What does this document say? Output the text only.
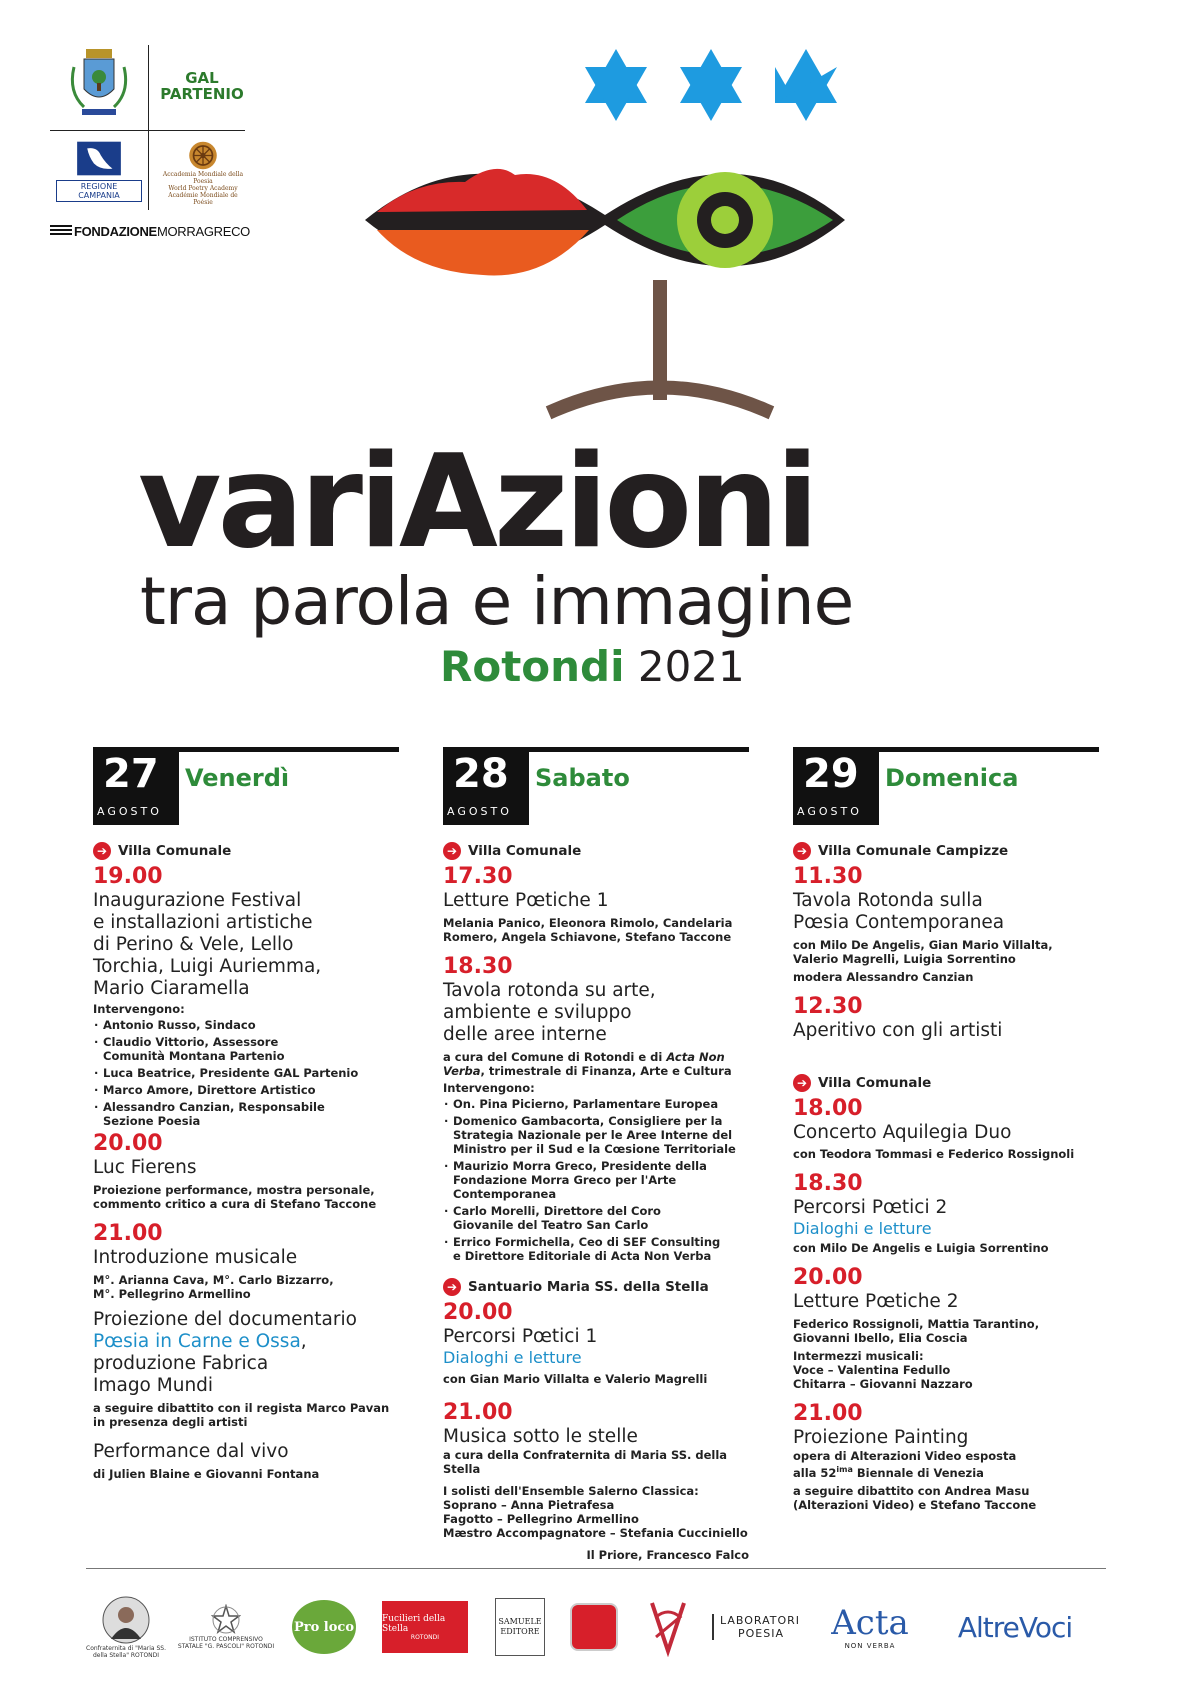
GAL
PARTENIO
REGIONE CAMPANIA
Accademia Mondiale della Poesia
World Poetry Academy
Académie Mondiale de Poésie
FONDAZIONE MORRAGRECO
variAzioni
tra parola e immagine
Rotondi 2021
27
AGOSTO
Venerdì	28
AGOSTO
Sabato	29
AGOSTO
Domenica
➔ Villa Comunale
19.00
Inaugurazione Festival
e installazioni artistiche
di Perino & Vele, Lello
Torchia, Luigi Auriemma,
Mario Ciaramella
Intervengono:
· Antonio Russo, Sindaco
· Claudio Vittorio, Assessore Comunità Montana Partenio
· Luca Beatrice, Presidente GAL Partenio
· Marco Amore, Direttore Artistico
· Alessandro Canzian, Responsabile Sezione Poesia
20.00
Luc Fierens
Proiezione performance, mostra personale,
commento critico a cura di Stefano Taccone
21.00
Introduzione musicale
M°. Arianna Cava, M°. Carlo Bizzarro,
M°. Pellegrino Armellino
Proiezione del documentario
Pœsia in Carne e Ossa,
produzione Fabrica
Imago Mundi
a seguire dibattito con il regista Marco Pavan
in presenza degli artisti
Performance dal vivo
di Julien Blaine e Giovanni Fontana
➔ Villa Comunale
17.30
Letture Pœtiche 1
Melania Panico, Eleonora Rimolo, Candelaria
Romero, Angela Schiavone, Stefano Taccone
18.30
Tavola rotonda su arte,
ambiente e sviluppo
delle aree interne
a cura del Comune di Rotondi e di Acta Non Verba, trimestrale di Finanza, Arte e Cultura
Intervengono:
· On. Pina Picierno, Parlamentare Europea
· Domenico Gambacorta, Consigliere per la Strategia Nazionale per le Aree Interne del Ministro per il Sud e la Cœsione Territoriale
· Maurizio Morra Greco, Presidente della Fondazione Morra Greco per l'Arte Contemporanea
· Carlo Morelli, Direttore del Coro Giovanile del Teatro San Carlo
· Errico Formichella, Ceo di SEF Consulting e Direttore Editoriale di Acta Non Verba
➔ Santuario Maria SS. della Stella
20.00
Percorsi Pœtici 1
Dialoghi e letture
con Gian Mario Villalta e Valerio Magrelli
21.00
Musica sotto le stelle
a cura della Confraternita di Maria SS. della Stella
I solisti dell'Ensemble Salerno Classica:
Soprano – Anna Pietrafesa
Fagotto – Pellegrino Armellino
Mæstro Accompagnatore – Stefania Cucciniello
Il Priore, Francesco Falco
➔ Villa Comunale Campizze
11.30
Tavola Rotonda sulla
Pœsia Contemporanea
con Milo De Angelis, Gian Mario Villalta,
Valerio Magrelli, Luigia Sorrentino
modera Alessandro Canzian
12.30
Aperitivo con gli artisti
➔ Villa Comunale
18.00
Concerto Aquilegia Duo
con Teodora Tommasi e Federico Rossignoli
18.30
Percorsi Pœtici 2
Dialoghi e letture
con Milo De Angelis e Luigia Sorrentino
20.00
Letture Pœtiche 2
Federico Rossignoli, Mattia Tarantino,
Giovanni Ibello, Elia Coscia
Intermezzi musicali:
Voce – Valentina Fedullo
Chitarra – Giovanni Nazzaro
21.00
Proiezione Painting
opera di Alterazioni Video esposta
alla $52^{ima}$ Biennale di Venezia
a seguire dibattito con Andrea Masu
(Alterazioni Video) e Stefano Taccone
Confraternita di "Maria SS. della Stella" ROTONDI
ISTITUTO COMPRENSIVO STATALE "G. PASCOLI" ROTONDI
Pro loco
Fucilieri della Stella
ROTONDI
SAMUELE EDITORE
LABORATORI
POESIA	Acta
NON VERBA
AltreVoci
